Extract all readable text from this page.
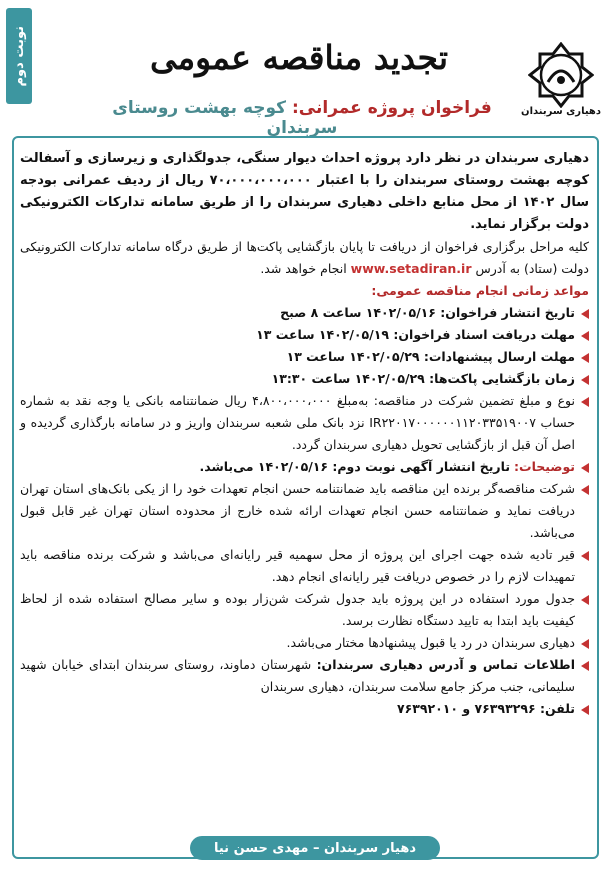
نوبت دوم
دهیاری سربندان
تجدید مناقصه عمومی
فراخوان پروژه عمرانی: کوچه بهشت روستای سربندان

دهیاری سربندان در نظر دارد پروژه احداث دیوار سنگی، جدولگذاری و زیرسازی و آسفالت کوچه بهشت روستای سربندان را با اعتبار ۷۰،۰۰۰،۰۰۰،۰۰۰ ریال از ردیف عمرانی بودجه سال ۱۴۰۲ از محل منابع داخلی دهیاری سربندان را از طریق سامانه تدارکات الکترونیکی دولت برگزار نماید.

کلیه مراحل برگزاری فراخوان از دریافت تا پایان بازگشایی پاکت‌ها از طریق درگاه سامانه تدارکات الکترونیکی دولت (ستاد) به آدرس www.setadiran.ir انجام خواهد شد.

مواعد زمانی انجام مناقصه عمومی:

تاریخ انتشار فراخوان: ۱۴۰۲/۰۵/۱۶ ساعت ۸ صبح
مهلت دریافت اسناد فراخوان: ۱۴۰۲/۰۵/۱۹ ساعت ۱۳
مهلت ارسال پیشنهادات: ۱۴۰۲/۰۵/۲۹ ساعت ۱۳
زمان بازگشایی پاکت‌ها: ۱۴۰۲/۰۵/۲۹ ساعت ۱۳:۳۰
نوع و مبلغ تضمین شرکت در مناقصه: به‌مبلغ ۴،۸۰۰،۰۰۰،۰۰۰ ریال ضمانتنامه بانکی یا وجه نقد به شماره حساب IR۲۲۰۱۷۰۰۰۰۰۰۱۱۲۰۳۳۵۱۹۰۰۷ نزد بانک ملی شعبه سربندان واریز و در سامانه بارگذاری گردیده و اصل آن قبل از بازگشایی تحویل دهیاری سربندان گردد.
توضیحات: تاریخ انتشار آگهی نوبت دوم: ۱۴۰۲/۰۵/۱۶ می‌باشد.
شرکت مناقصه‌گر برنده این مناقصه باید ضمانتنامه حسن انجام تعهدات خود را از یکی بانک‌های استان تهران دریافت نماید و ضمانتنامه حسن انجام تعهدات ارائه شده خارج از محدوده استان تهران غیر قابل قبول می‌باشد.
قیر تادیه شده جهت اجرای این پروژه از محل سهمیه قیر رایانه‌ای می‌باشد و شرکت برنده مناقصه باید تمهیدات لازم را در خصوص دریافت قیر رایانه‌ای انجام دهد.
جدول مورد استفاده در این پروژه باید جدول شرکت شن‌زار بوده و سایر مصالح استفاده شده از لحاظ کیفیت باید ابتدا به تایید دستگاه نظارت برسد.
دهیاری سربندان در رد یا قبول پیشنهادها مختار می‌باشد.
اطلاعات تماس و آدرس دهیاری سربندان: شهرستان دماوند، روستای سربندان ابتدای خیابان شهید سلیمانی، جنب مرکز جامع سلامت سربندان، دهیاری سربندان
تلفن: ۷۶۳۹۳۲۹۶ و ۷۶۳۹۲۰۱۰
دهیار سربندان – مهدی حسن نیا
